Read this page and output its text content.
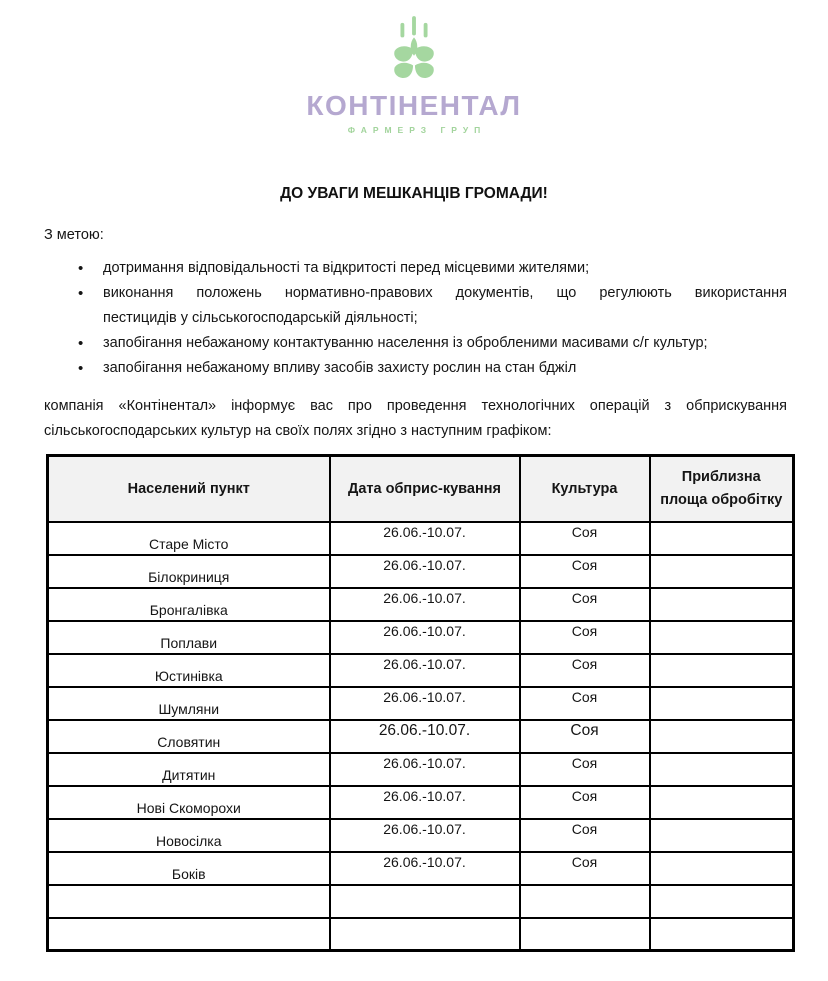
КОНТІНЕНТАЛ
ФАРМЕРЗ ГРУП
ДО УВАГИ МЕШКАНЦІВ ГРОМАДИ!
З метою:
• дотримання відповідальності та відкритості перед місцевими жителями;
• виконання положень нормативно-правових документів, що регулюють використання
пестицидів у сільськогосподарській діяльності;
• запобігання небажаному контактуванню населення із обробленими масивами с/г культур;
• запобігання небажаному впливу засобів захисту рослин на стан бджіл
компанія «Контінентал» інформує вас про проведення технологічних операцій з обприскування
сільськогосподарських культур на своїх полях згідно з наступним графіком:
Населений пункт	Дата обприс-кування	Культура	Приблизна площа обробітку
Старе Місто	26.06.-10.07.	Соя	
Білокриниця	26.06.-10.07.	Соя	
Бронгалівка	26.06.-10.07.	Соя	
Поплави	26.06.-10.07.	Соя	
Юстинівка	26.06.-10.07.	Соя	
Шумляни	26.06.-10.07.	Соя	
Словятин	26.06.-10.07.	Соя	
Дитятин	26.06.-10.07.	Соя	
Нові Скоморохи	26.06.-10.07.	Соя	
Новосілка	26.06.-10.07.	Соя	
Боків	26.06.-10.07.	Соя	
